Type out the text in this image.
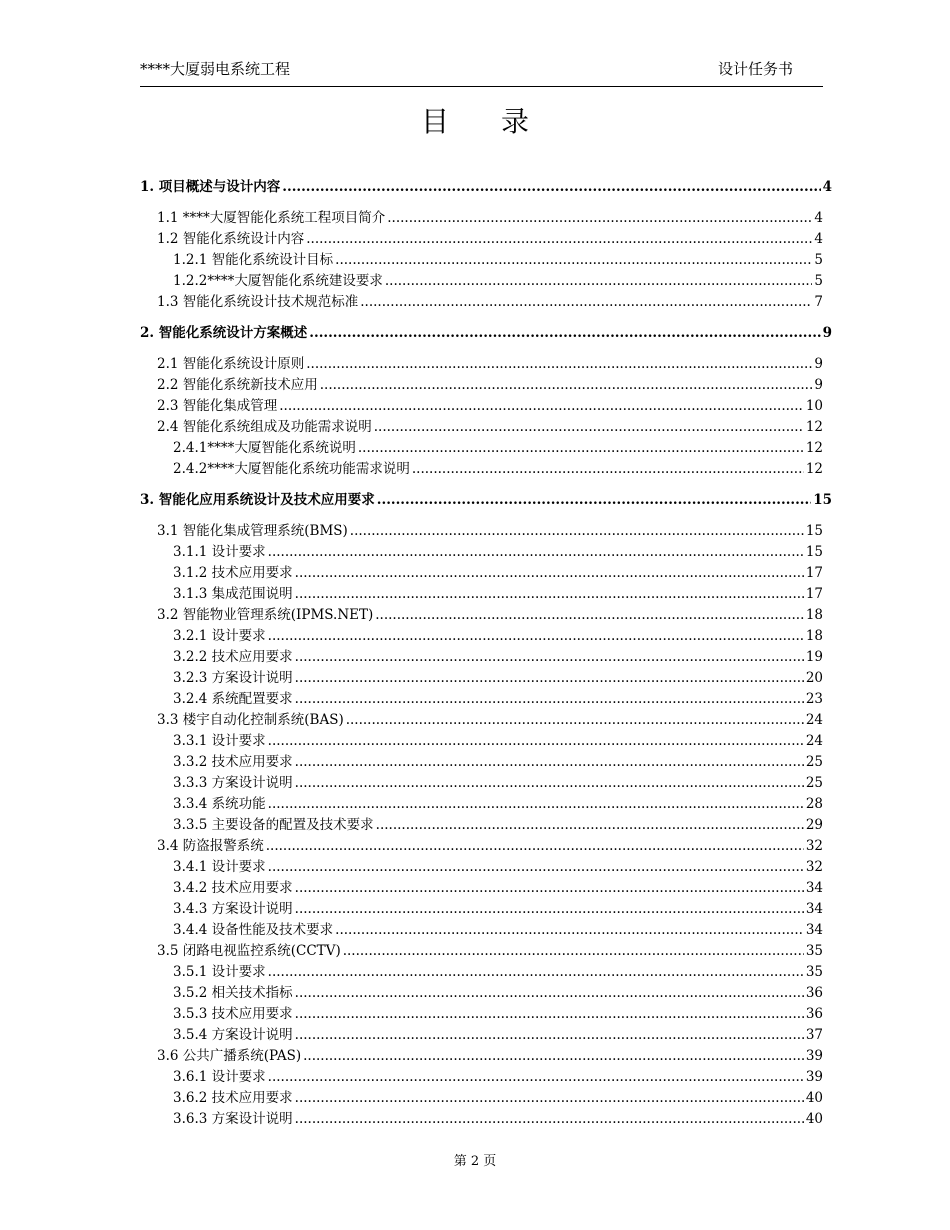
****大厦弱电系统工程	设计任务书
目 录
1. 项目概述与设计内容 .....	4
1.1 ****大厦智能化系统工程项目简介 .....	4
1.2 智能化系统设计内容 .....	4
1.2.1 智能化系统设计目标 .....	5
1.2.2****大厦智能化系统建设要求 .....	5
1.3 智能化系统设计技术规范标准 .....	7
2. 智能化系统设计方案概述 .....	9
2.1 智能化系统设计原则 .....	9
2.2 智能化系统新技术应用 .....	9
2.3 智能化集成管理 .....	10
2.4 智能化系统组成及功能需求说明 .....	12
2.4.1****大厦智能化系统说明 .....	12
2.4.2****大厦智能化系统功能需求说明 .....	12
3. 智能化应用系统设计及技术应用要求 .....	15
3.1 智能化集成管理系统(BMS) .....	15
3.1.1 设计要求 .....	15
3.1.2 技术应用要求 .....	17
3.1.3 集成范围说明 .....	17
3.2 智能物业管理系统(IPMS.NET) .....	18
3.2.1 设计要求 .....	18
3.2.2 技术应用要求 .....	19
3.2.3 方案设计说明 .....	20
3.2.4 系统配置要求 .....	23
3.3 楼宇自动化控制系统(BAS) .....	24
3.3.1 设计要求 .....	24
3.3.2 技术应用要求 .....	25
3.3.3 方案设计说明 .....	25
3.3.4 系统功能 .....	28
3.3.5 主要设备的配置及技术要求 .....	29
3.4 防盗报警系统 .....	32
3.4.1 设计要求 .....	32
3.4.2 技术应用要求 .....	34
3.4.3 方案设计说明 .....	34
3.4.4 设备性能及技术要求 .....	34
3.5 闭路电视监控系统(CCTV) .....	35
3.5.1 设计要求 .....	35
3.5.2 相关技术指标 .....	36
3.5.3 技术应用要求 .....	36
3.5.4 方案设计说明 .....	37
3.6 公共广播系统(PAS) .....	39
3.6.1 设计要求 .....	39
3.6.2 技术应用要求 .....	40
3.6.3 方案设计说明 .....	40
第 2 页
